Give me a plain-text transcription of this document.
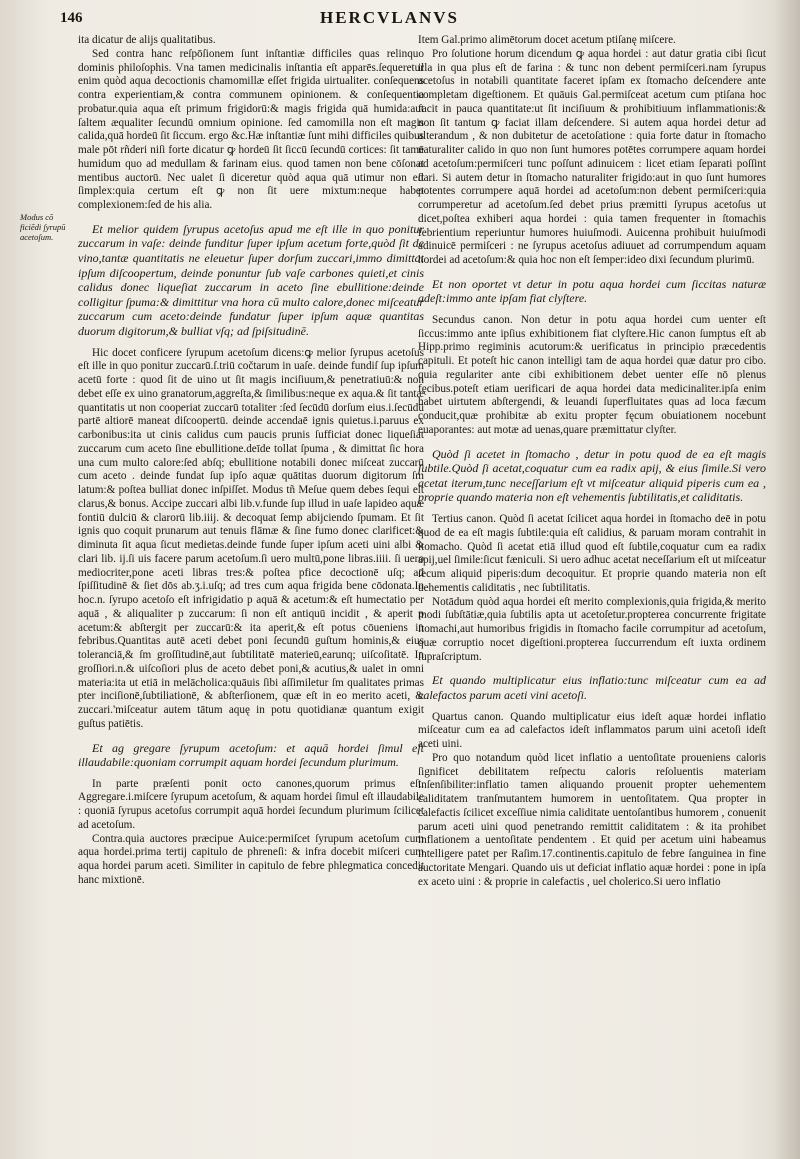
146	HERCVLANVS
Modus cō ficiēdi ſyrupū acetoſum.

ita dicatur de alijs qualitatibus.

Sed contra hanc reſpōſionem ſunt inſtantiæ difficiles quas relinquo dominis philoſophis. Vna tamen medicinalis inſtantia eſt apparēs.ſequeretur enim quòd aqua decoctionis chamomillæ eſſet frigida uirtualiter. conſequens contra experientiam,& contra communem opinionem. & conſequentia probatur.quia aqua eſt primum frigidorū:& magis frigida quā humida:aut ſaltem æqualiter ſecundū omnium opinione. ſed camomilla non eſt magis calida,quā hordeū ſit ſiccum. ergo &c.Hæ inſtantiæ ſunt mihi difficiles quibus male pōt rñderi niſi forte dicatur ꝙ hordeū ſit ſiccū ſecundū cortices: ſit tamē humidum quo ad medullam & farinam eius. quod tamen non bene cōſonat mentibus auctorū. Nec ualet ſi diceretur quòd aqua quā utimur non eſt ſimplex:quia certum eſt ꝙ non ſit uere mixtum:neque habet complexionem:ſed de his alia.

Et melior quidem ſyrupus acetoſus apud me eſt ille in quo ponitur zuccarum in vaſe: deinde funditur ſuper ipſum acetum forte,quòd ſit de vino,tantæ quantitatis ne eleuetur ſuper dorſum zuccari,immo dimittat ipſum diſcoopertum, deinde ponuntur ſub vaſe carbones quieti,et cinis calidus donec liqueſiat zuccarum in aceto ſine ebullitione:deinde colligitur ſpuma:& dimittitur vna hora cū multo calore,donec miſceatur zuccarum cum aceto:deinde fundatur ſuper ipſum aquæ quantitas duorum digitorum,& bulliat vſq; ad ſpiſsitudinē.

Hic docet conficere ſyrupum acetoſum dicens:ꝙ melior ſyrupus acetoſus eſt ille in quo ponitur zuccarū.ſ.triū cočtarum in uaſe. deinde fundiſ ſup ipſum acetū forte : quod ſit de uino ut ſit magis inciſiuum,& penetratiuū:& non debet eſſe ex uino granatorum,aggreſta,& ſimilibus:neque ex aqua.& ſit tantæ quantitatis ut non cooperiat zuccarū totaliter :ſed ſecūdū dorſum eius.i.ſecūdū partē altiorē maneat diſcoopertū. deinde accendaē ignis quietus.i.paruus ex carbonibus:ita ut cinis calidus cum paucis prunis ſufficiat donec liqueſiat zuccarum cum aceto ſine ebullitione.deīde tollat ſpuma , & dimittat ſic hora una cum multo calore:ſed abſq; ebullitione notabili donec miſceat zuccarū cum aceto . deinde fundat ſup ipſo aquæ quātitas duorum digitorum ſm latum:& poſtea bulliat donec inſpiſſet. Modus tñ Meſue quem debes ſequi eſt clarus,& bonus. Accipe zuccari albi lib.v.funde ſup illud in uaſe lapideo aquæ fontiū dulciū & clarorū lib.iiij. & decoquat ſemp abijciendo ſpumam. Et ſit ignis quo coquit prunarum aut tenuis flāmæ & ſine fumo donec clarificet:& diminuta ſit aqua ſicut medietas.deinde funde ſuper ipſum aceti uini albi & clari lib. ij.ſi uis facere parum acetoſum.ſi uero multū,pone libras.iiii. ſi uero mediocriter,pone aceti libras tres:& poſtea pfice decoctionē uſq; ad ſpiſſitudinē & ſiet dōs ab.ʒ.i.uſq; ad tres cum aqua frigida bene cōdonata.In hoc.n. ſyrupo acetoſo eſt infrigidatio p aquā & acetum:& eſt humectatio per aquā , & aliqualiter p zuccarum: ſi non eſt antiquū incidit , & aperit p acetum:& abſtergit per zuccarū:& ita aperit,& eſt potus cōueniens in febribus.Quantitas autē aceti debet poni ſecundū guſtum hominis,& eius toleranciā,& ſm groſſitudinē,aut ſubtilitatē materieū,earunq; uiſcoſitatē. In groſſiori.n.& uiſcoſiori plus de aceto debet poni,& acutius,& ualet in omni materia:ita ut etiā in melācholica:quāuis ſibi aſſimiletur ſm qualitates primas pter inciſionē,ſubtiliationē, & abſterſionem, quæ eſt in eo merito aceti, & zuccari.'miſceatur autem tātum aquę in potu quotidianæ quantum exigit guſtus patiētis.

Et ag gregare ſyrupum acetoſum: et aquā hordei ſimul eſt illaudabile:quoniam corrumpit aquam hordei ſecundum plurimum.

In parte præſenti ponit octo canones,quorum primus eſt. Aggregare.i.miſcere ſyrupum acetoſum, & aquam hordei ſimul eſt illaudabile : quoniā ſyrupus acetoſus corrumpit aquā hordei ſecundum plurimum ſcilicet ad acetoſum.

Contra.quia auctores præcipue Auice:permiſcet ſyrupum acetoſum cum aqua hordei.prima tertij capitulo de phreneſi: & infra docebit miſceri cum aqua hordei parum aceti. Similiter in capitulo de febre phlegmatica concedit hanc mixtionē.

Item Gal.primo alimētorum docet acetum ptiſanę miſcere.

Pro ſolutione horum dicendum ꝙ aqua hordei : aut datur gratia cibi ſicut illa in qua plus eſt de farina : & tunc non debent permiſceri.nam ſyrupus acetoſus in notabili quantitate faceret ipſam ex ſtomacho deſcendere ante completam digeſtionem. Et quāuis Gal.permiſceat acetum cum ptiſana hoc facit in pauca quantitate:ut ſit inciſiuum & prohibitiuum inflammationis:& non ſit tantum ꝙ faciat illam deſcendere. Si autem aqua hordei detur ad alterandum , & non dubitetur de acetoſatione : quia forte datur in ſtomacho naturaliter calido in quo non ſunt humores potētes corrumpere aquam hordei ad acetoſum:permiſceri tunc poſſunt adinuicem : licet etiam ſeparati poſſint dari. Si autem detur in ſtomacho naturaliter frigido:aut in quo ſunt humores potentes corrumpere aquā hordei ad acetoſum:non debent permiſceri:quia corrumperetur ad acetoſum.ſed debet prius præmitti ſyrupus acetoſus ut dicet,poſtea exhiberi aqua hordei : quia tamen frequenter in ſtomachis febrientium reperiuntur humores huiuſmodi. Auicenna prohibuit huiuſmodi adinuicē permiſceri : ne ſyrupus acetoſus adiuuet ad corrumpendum aquam hordei ad acetoſum:& quia hoc non eſt ſemper:ideo dixi ſecundum plurimū.

Et non oportet vt detur in potu aqua hordei cum ſiccitas naturæ adeſt:immo ante ipſam fiat clyſtere.

Secundus canon. Non detur in potu aqua hordei cum uenter eſt ſiccus:immo ante ipſius exhibitionem fiat clyſtere.Hic canon ſumptus eſt ab Hipp.primo regiminis acutorum:& uerificatus in principio præcedentis capituli. Et poteſt hic canon intelligi tam de aqua hordei quæ datur pro cibo. quia regulariter ante cibi exhibitionem debet uenter eſſe nō plenus fęcibus.poteſt etiam uerificari de aqua hordei data medicinaliter.ipſa enim habet uirtutem abſtergendi, & leuandi ſuperfluitates quas ad loca fæcum conducit,quæ prohibitæ ab exitu propter fęcum obuiationem nocebunt euaporantes: aut motæ ad uenas,quare præmittatur clyſter.

Quòd ſi acetet in ſtomacho , detur in potu quod de ea eſt magis ſubtile.Quòd ſi acetat,coquatur cum ea radix apij, & eius ſimile.Si vero acetat iterum,tunc neceſſarium eſt vt miſceatur aliquid piperis cum ea , proprie quando materia non eſt vehementis ſubtilitatis,et caliditatis.

Tertius canon. Quòd ſi acetat ſcilicet aqua hordei in ſtomacho deē in potu quod de ea eſt magis ſubtile:quia eſt calidius, & paruam moram contrahit in ſtomacho. Quòd ſi acetat etiā illud quod eſt ſubtile,coquatur cum ea radix apij,uel ſimile:ſicut fæniculi. Si uero adhuc acetat neceſſarium eſt ut miſceatur ſecum aliquid piperis:dum decoquitur. Et proprie quando materia non eſt uehementis caliditatis , nec ſubtilitatis.

Notādum quòd aqua hordei eſt merito complexionis,quia frigida,& merito modi ſubſtātiæ,quia ſubtilis apta ut acetoſetur.propterea concurrente frigitate ſtomachi,aut humoribus frigidis in ſtomacho facile corrumpitur ad acetoſum, quæ corruptio nocet digeſtioni.propterea ſuccurrendum eſt iuxta ordinem ſupraſcriptum.

Et quando multiplicatur eius inflatio:tunc miſceatur cum ea ad calefactos parum aceti vini acetoſi.

Quartus canon. Quando multiplicatur eius ideſt aquæ hordei inflatio miſceatur cum ea ad calefactos ideſt inflammatos parum uini acetoſi ideſt aceti uini.

Pro quo notandum quòd licet inflatio a uentoſitate proueniens caloris ſignificet debilitatem reſpectu caloris reſoluentis materiam inſenſibiliter:inflatio tamen aliquando prouenit propter uehementem caliditatem tranſmutantem humorem in uentoſitatem. Qua propter in calefactis ſcilicet exceſſiue nimia caliditate uentoſantibus humorem , conuenit parum aceti uini quod penetrando remittit caliditatem : & ita prohibet inflationem a uentoſitate pendentem . Et quid per acetum uini habeamus intelligere patet per Raſim.17.continentis.capitulo de febre ſanguinea in fine auctoritate Mengari. Quando uis ut deficiat inflatio aquæ hordei : pone in ipſa ex aceto uini : & proprie in calefactis , uel cholerico.Si uero inflatio
